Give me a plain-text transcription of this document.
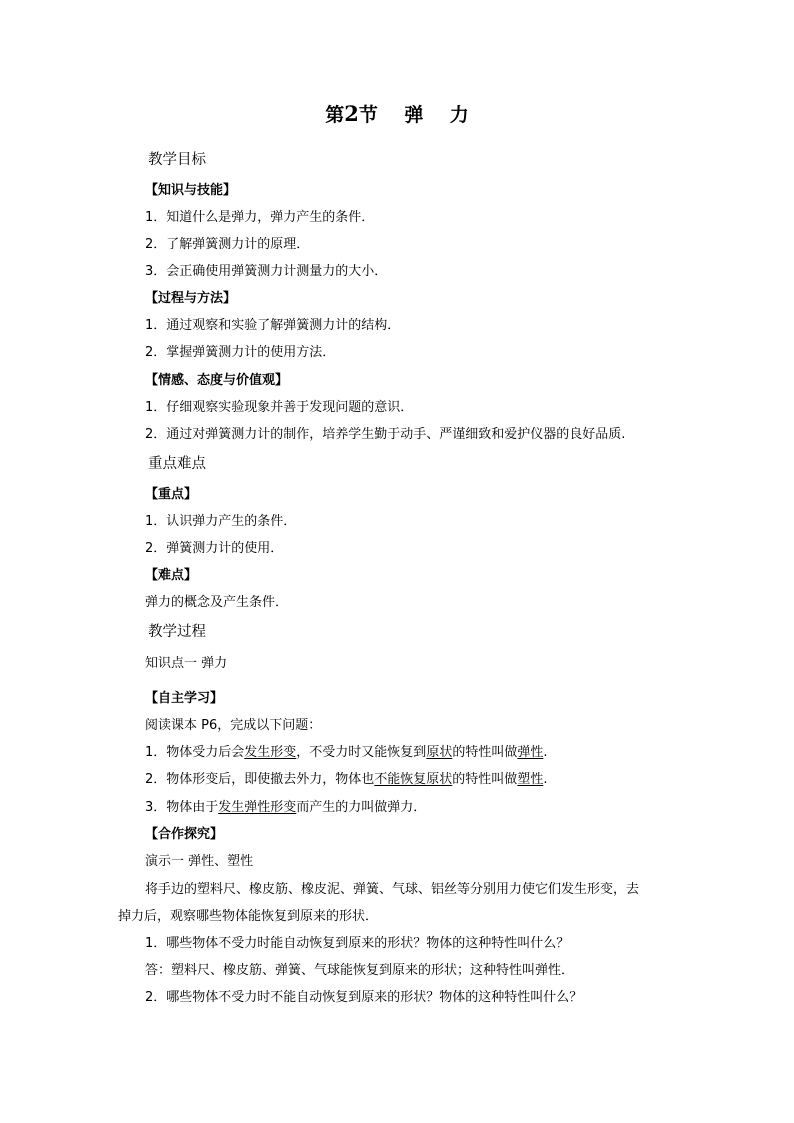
第2节    弹    力
教学目标
【知识与技能】
1．知道什么是弹力，弹力产生的条件．
2．了解弹簧测力计的原理．
3．会正确使用弹簧测力计测量力的大小．
【过程与方法】
1．通过观察和实验了解弹簧测力计的结构．
2．掌握弹簧测力计的使用方法．
【情感、态度与价值观】
1．仔细观察实验现象并善于发现问题的意识．
2．通过对弹簧测力计的制作，培养学生勤于动手、严谨细致和爱护仪器的良好品质.
重点难点
【重点】
1．认识弹力产生的条件．
2．弹簧测力计的使用．
【难点】
弹力的概念及产生条件．
教学过程
知识点一 弹力
【自主学习】
阅读课本 P6，完成以下问题：
1．物体受力后会发生形变，不受力时又能恢复到原状的特性叫做弹性.
2．物体形变后，即使撤去外力，物体也不能恢复原状的特性叫做塑性.
3．物体由于发生弹性形变而产生的力叫做弹力．
【合作探究】
演示一 弹性、塑性
将手边的塑料尺、橡皮筋、橡皮泥、弹簧、气球、铝丝等分别用力使它们发生形变，去
掉力后，观察哪些物体能恢复到原来的形状．
1．哪些物体不受力时能自动恢复到原来的形状？物体的这种特性叫什么？
答：塑料尺、橡皮筋、弹簧、气球能恢复到原来的形状；这种特性叫弹性．
2．哪些物体不受力时不能自动恢复到原来的形状？物体的这种特性叫什么？
